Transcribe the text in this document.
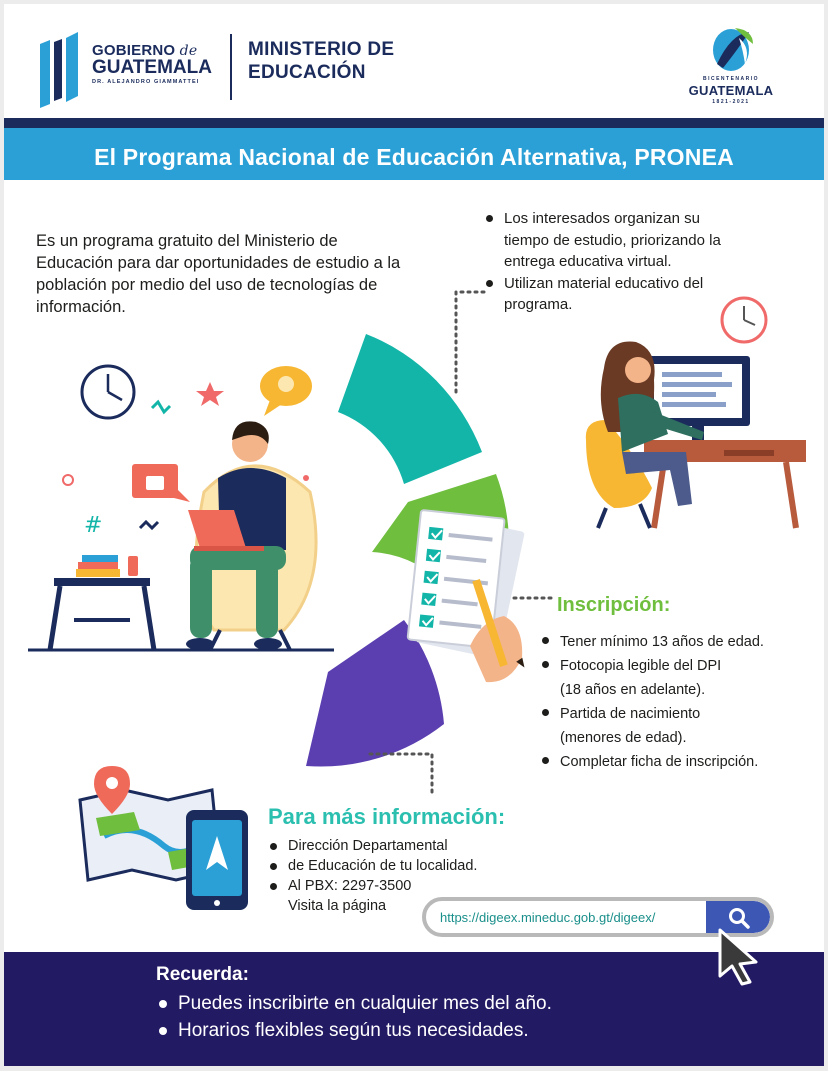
GOBIERNO de
GUATEMALA
DR. ALEJANDRO GIAMMATTEI
MINISTERIO DE
EDUCACIÓN	BICENTENARIO
GUATEMALA
1821-2021
El Programa Nacional de Educación Alternativa, PRONEA
Es un programa gratuito del Ministerio de Educación para dar oportunidades de estudio a la población por medio del uso de tecnologías de información.
Los interesados organizan su tiempo de estudio, priorizando la entrega educativa virtual.
Utilizan material educativo del programa.
#
Inscripción:
Tener mínimo 13 años de edad.
Fotocopia legible del DPI
(18 años en adelante).
Partida de nacimiento
(menores de edad).
Completar ficha de inscripción.
Para más información:
Dirección Departamental
de Educación de tu localidad.
Al PBX: 2297-3500
Visita la página
https://digeex.mineduc.gob.gt/digeex/
Recuerda:
Puedes inscribirte en cualquier mes del año.
Horarios flexibles según tus necesidades.
